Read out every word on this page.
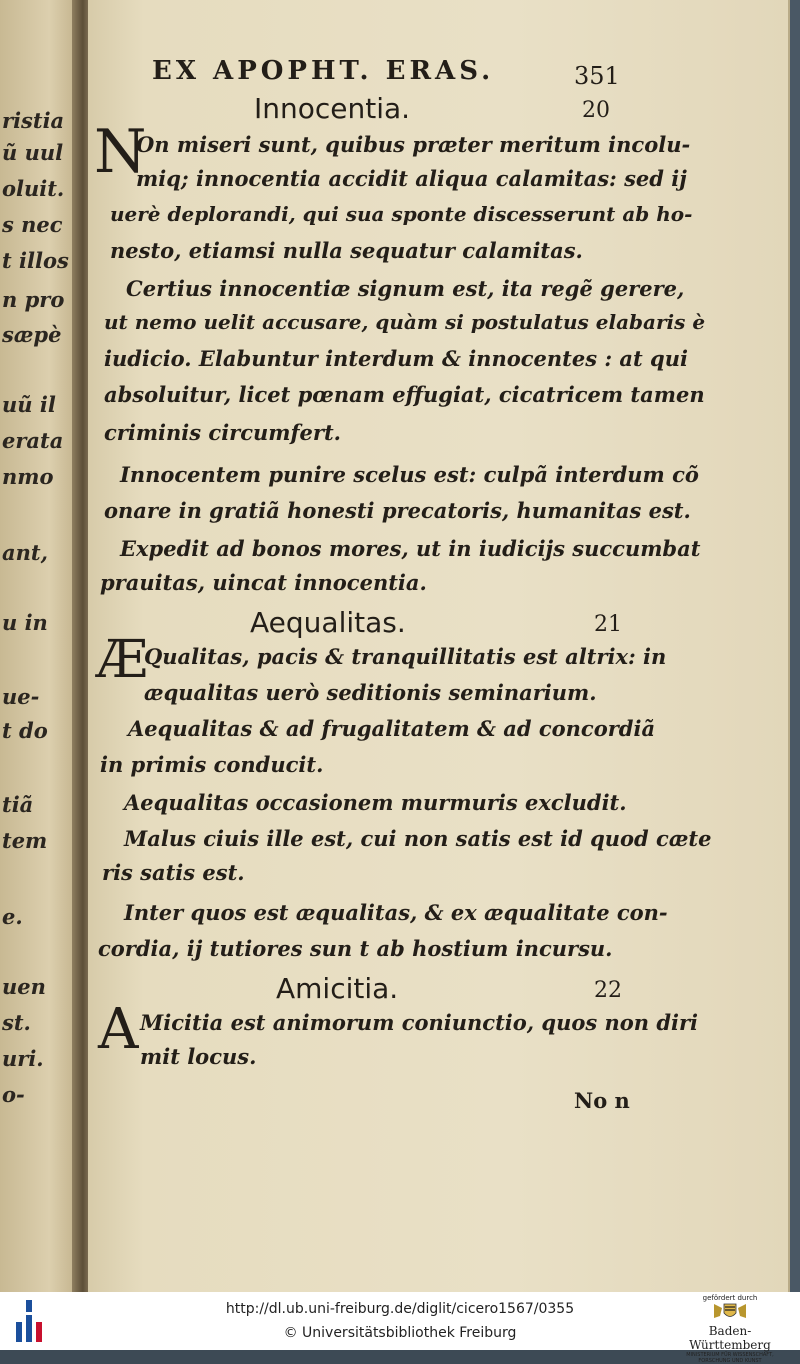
ristia
ũ uul
oluit.
s nec
t illos
n pro
sæpè
uũ il
erata
nmo
ant,
u in
ue-
t do
tiã
tem
e.
uen
st.
uri.
o-
EX APOPHT. ERAS.	351
Innocentia.	20
N
On miseri sunt, quibus præter meritum incolu-
miq; innocentia accidit aliqua calamitas: sed ij
uerè deplorandi, qui sua sponte discesserunt ab ho-
nesto, etiamsi nulla sequatur calamitas.
Certius innocentiæ signum est, ita regẽ gerere,
ut nemo uelit accusare, quàm si postulatus elabaris è
iudicio. Elabuntur interdum & innocentes : at qui
absoluitur, licet pœnam effugiat, cicatricem tamen
criminis circumfert.
Innocentem punire scelus est: culpã interdum cõ
onare in gratiã honesti precatoris, humanitas est.
Expedit ad bonos mores, ut in iudicijs succumbat
prauitas, uincat innocentia.
Aequalitas.	21
Æ
Qualitas, pacis & tranquillitatis est altrix: in
æqualitas uerò seditionis seminarium.
Aequalitas & ad frugalitatem & ad concordiã
in primis conducit.
Aequalitas occasionem murmuris excludit.
Malus ciuis ille est, cui non satis est id quod cæte
ris satis est.
Inter quos est æqualitas, & ex æqualitate con-
cordia, ij tutiores sun t ab hostium incursu.
Amicitia.	22
A Micitia est animorum coniunctio, quos non diri
mit locus.
No n
http://dl.ub.uni-freiburg.de/diglit/cicero1567/0355
© Universitätsbibliothek Freiburg
gefördert durch
Baden-Württemberg
MINISTERIUM FÜR WISSENSCHAFT, FORSCHUNG UND KUNST
